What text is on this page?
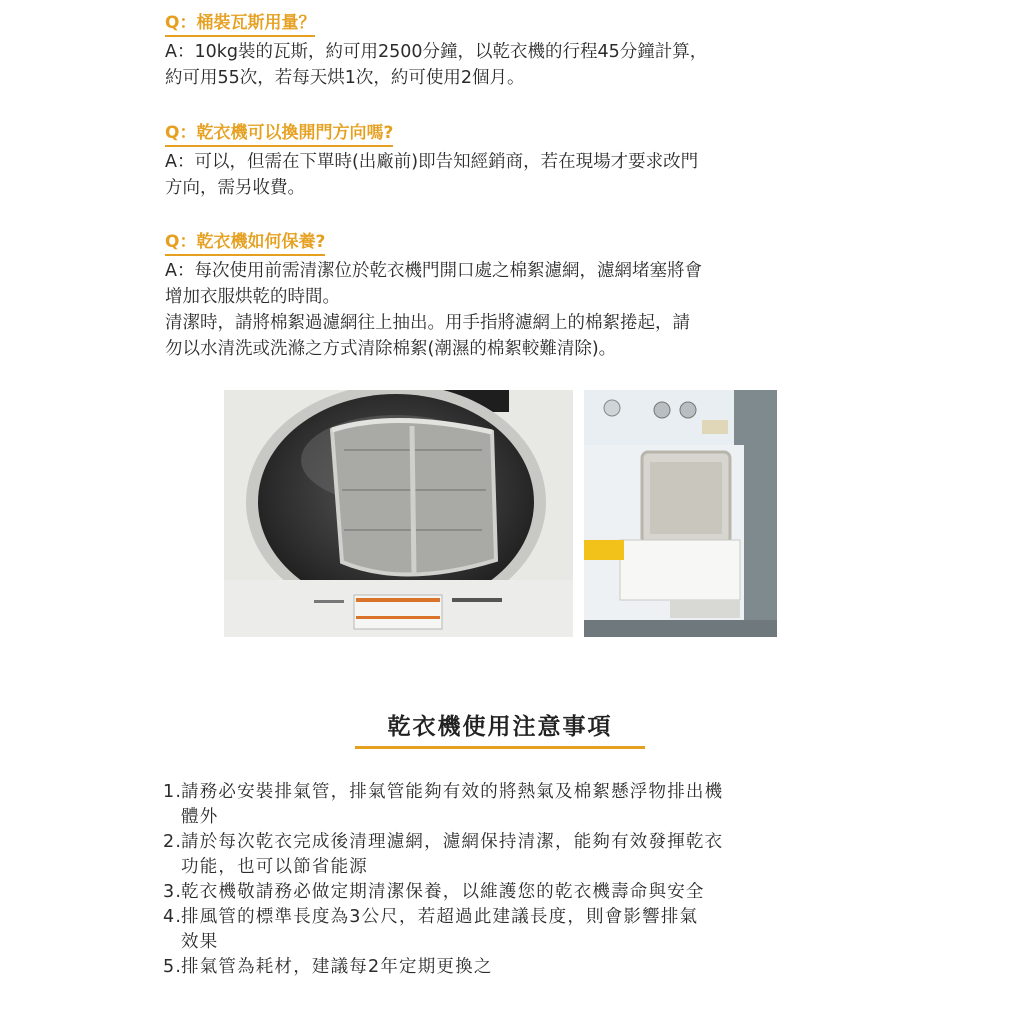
Q：桶裝瓦斯用量？

A：10kg裝的瓦斯，約可用2500分鐘，以乾衣機的行程45分鐘計算，

約可用55次，若每天烘1次，約可使用2個月。

Q：乾衣機可以換開門方向嗎?

A：可以，但需在下單時(出廠前)即告知經銷商，若在現場才要求改門

方向，需另收費。

Q：乾衣機如何保養?

A：每次使用前需清潔位於乾衣機門開口處之棉絮濾網，濾網堵塞將會

增加衣服烘乾的時間。

清潔時，請將棉絮過濾網往上抽出。用手指將濾網上的棉絮捲起，請

勿以水清洗或洗滌之方式清除棉絮(潮濕的棉絮較難清除)。

乾衣機使用注意事項
1.
請務必安裝排氣管，排氣管能夠有效的將熱氣及棉絮懸浮物排出機
體外
2.
請於每次乾衣完成後清理濾網，濾網保持清潔，能夠有效發揮乾衣
功能，也可以節省能源
3.
乾衣機敬請務必做定期清潔保養，以維護您的乾衣機壽命與安全
4.
排風管的標準長度為3公尺，若超過此建議長度，則會影響排氣
效果
5.
排氣管為耗材，建議每2年定期更換之
